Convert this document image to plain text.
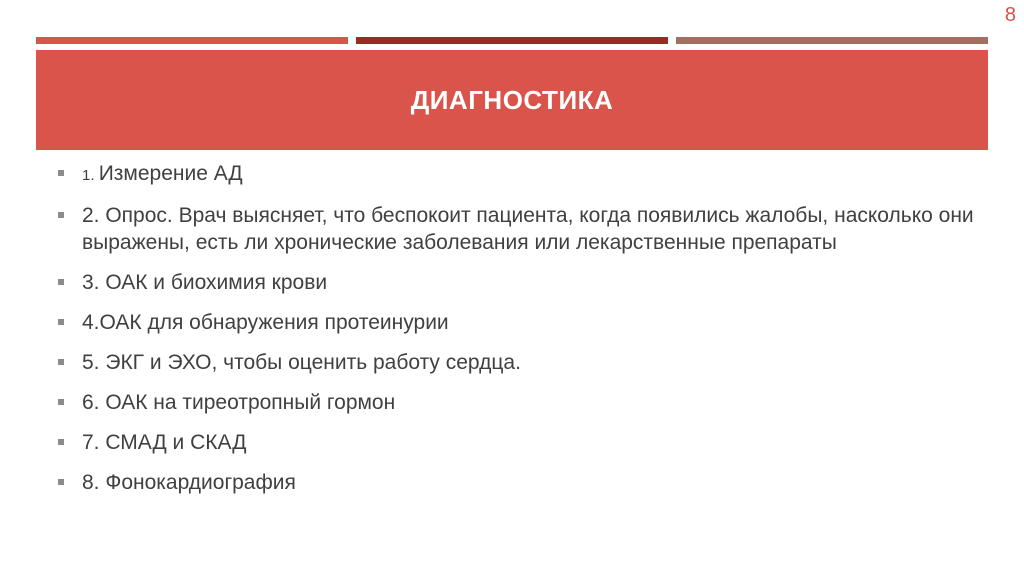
8
ДИАГНОСТИКА
1. Измерение АД
2. Опрос. Врач выясняет, что беспокоит пациента, когда появились жалобы, насколько они выражены, есть ли хронические заболевания или лекарственные препараты
3. ОАК и биохимия крови
4.ОАК для обнаружения протеинурии
5. ЭКГ и ЭХО, чтобы оценить работу сердца.
6. ОАК на тиреотропный гормон
7. СМАД и СКАД
8. Фонокардиография
